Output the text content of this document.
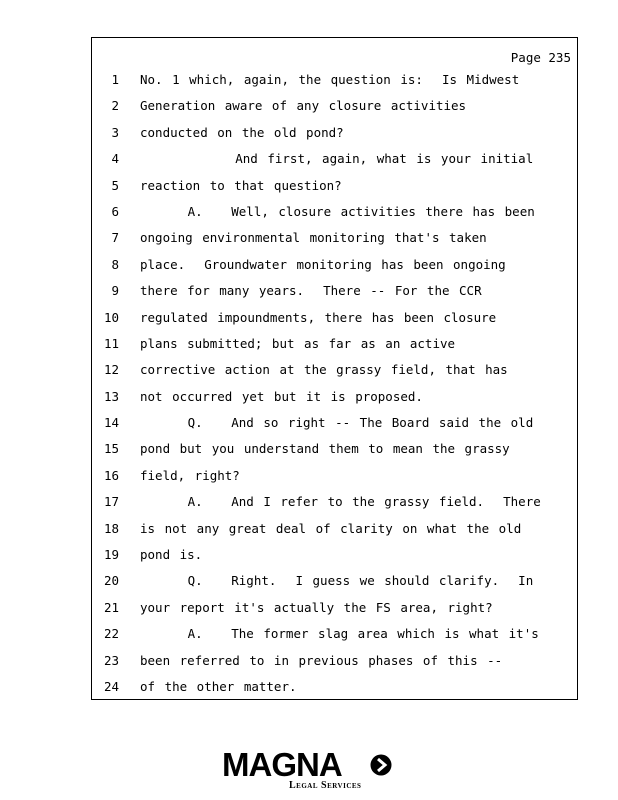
Page 235
1 No. 1 which, again, the question is:  Is Midwest
2 Generation aware of any closure activities
3 conducted on the old pond?
4 And first, again, what is your initial
5 reaction to that question?
6 A.   Well, closure activities there has been
7 ongoing environmental monitoring that's taken
8 place.  Groundwater monitoring has been ongoing
9 there for many years.  There -- For the CCR
10 regulated impoundments, there has been closure
11 plans submitted; but as far as an active
12 corrective action at the grassy field, that has
13 not occurred yet but it is proposed.
14 Q.   And so right -- The Board said the old
15 pond but you understand them to mean the grassy
16 field, right?
17 A.   And I refer to the grassy field.  There
18 is not any great deal of clarity on what the old
19 pond is.
20 Q.   Right.  I guess we should clarify.  In
21 your report it's actually the FS area, right?
22 A.   The former slag area which is what it's
23 been referred to in previous phases of this --
24 of the other matter.
MAGNA
Legal Services
